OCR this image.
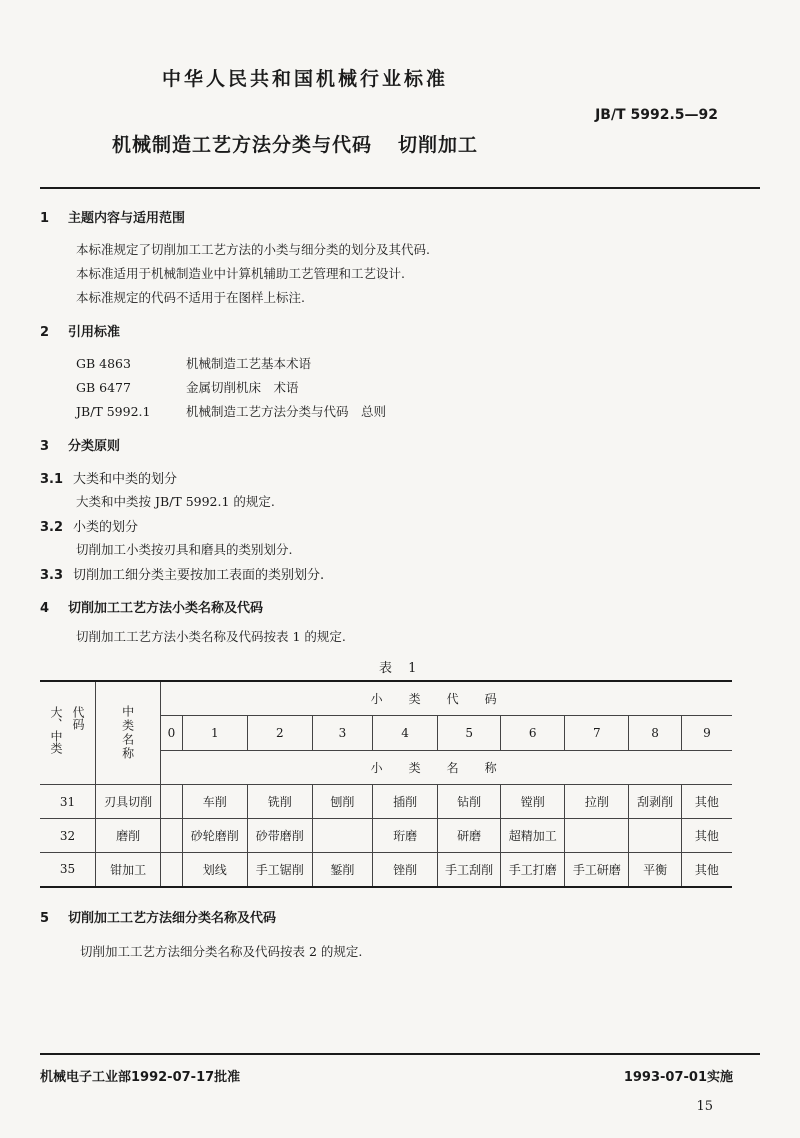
中华人民共和国机械行业标准
JB/T 5992.5—92
机械制造工艺方法分类与代码 切削加工
1 主题内容与适用范围
本标准规定了切削加工工艺方法的小类与细分类的划分及其代码.
本标准适用于机械制造业中计算机辅助工艺管理和工艺设计.
本标准规定的代码不适用于在图样上标注.
2 引用标准
GB 4863	机械制造工艺基本术语
GB 6477	金属切削机床　术语
JB/T 5992.1	机械制造工艺方法分类与代码　总则
3 分类原则
3.1 大类和中类的划分
大类和中类按 JB/T 5992.1 的规定.
3.2 小类的划分
切削加工小类按刃具和磨具的类别划分.
3.3 切削加工细分类主要按加工表面的类别划分.
4 切削加工工艺方法小类名称及代码
切削加工工艺方法小类名称及代码按表 1 的规定.
表 1
大、中类 代码	中类名称	小类代码									
		0	1	2	3	4	5	6	7	8	9
		小类名称									
31	刃具切削		车削	铣削	刨削	插削	钻削	镗削	拉削	刮剥削	其他
32	磨削		砂轮磨削	砂带磨削		珩磨	研磨	超精加工			其他
35	钳加工		划线	手工锯削	錾削	锉削	手工刮削	手工打磨	手工研磨	平衡	其他
5 切削加工工艺方法细分类名称及代码
切削加工工艺方法细分类名称及代码按表 2 的规定.
机械电子工业部1992-07-17批准	1993-07-01实施
15
